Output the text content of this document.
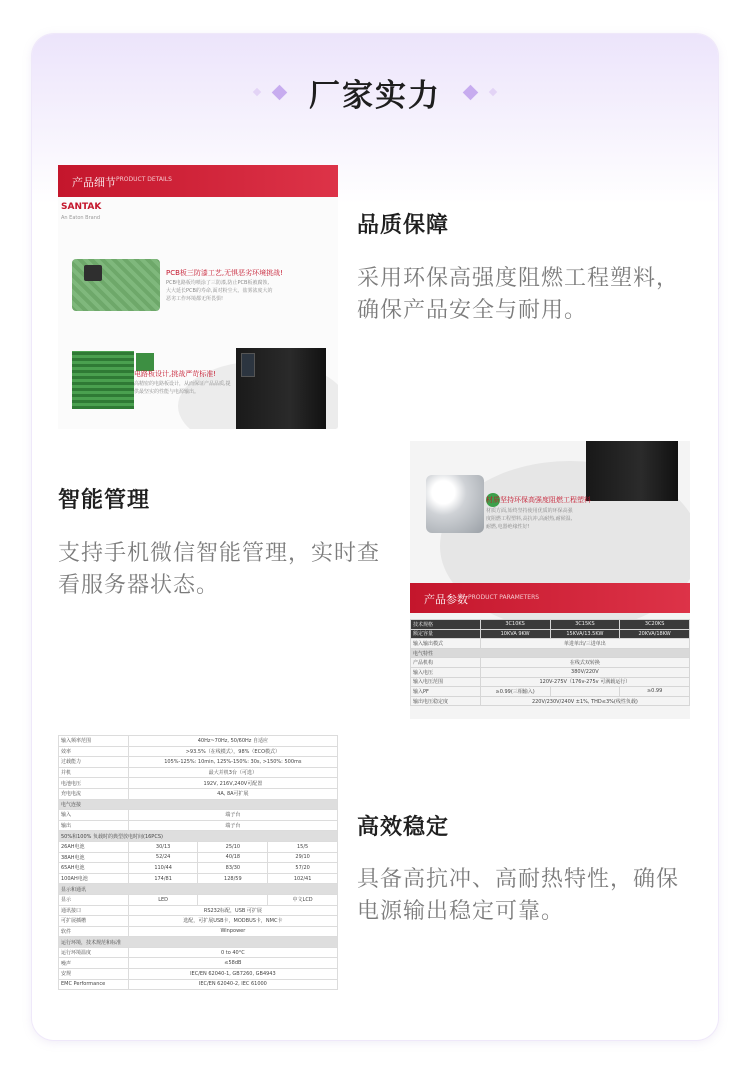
厂家实力
产品细节 PRODUCT DETAILS
SANTAK
An Eaton Brand
PCB板三防漆工艺,无惧恶劣环境挑战!
PCB电路板均喷涂了三防漆,防止PCB板被腐蚀,
大大延长PCB的寿命,面对粉尘大、盐雾浓度大的
恶劣工作环境都无所畏惧!
电路板设计,挑战严苛标准!
高精密的电路板设计，从而保证产品品质,提
供最坚实的性能与电源输出。
品质保障
采用环保高强度阻燃工程塑料，
确保产品安全与耐用。
材质坚持环保高强度阻燃工程塑料
材质方面,始终坚持使用优质的环保高强
度阻燃工程塑料,高抗冲,高耐热,耐候温,
耐燃,电器绝缘性好!
产品参数 PRODUCT PARAMETERS
技术规格	3C10KS	3C15KS	3C20KS
额定容量	10KVA 9KW	15KVA/13.5KW	20KVA/18KW
输入输出模式	单进单出/三进单出		
电气特性			
产品机构	在线式双转换		
输入电压	380V/220V		
输入电压范围	120V-275V（176v-275v 可满载运行）		
输入PF	≥0.99(三相输入)		≥0.99
输出电压稳定度	220V/230V/240V ±1%, THD≤3%(线性负载)		
智能管理
支持手机微信智能管理，实时查
看服务器状态。
输入频率范围	40Hz~70Hz, 50/60Hz 自适应		
效率	>93.5%（在线模式），98%（ECO模式）		
过载能力	105%-125%: 10min, 125%-150%: 30s, >150%: 500ms		
并机	最大并机3台（可选）		
电池电压	192V, 216V,240V可配置		
充电电流	4A, 8A可扩展		
电气连接			
输入	端子台		
输出	端子台		
50%和100% 负载时的典型放电时间(16PCS)			
26AH电池	30/13	25/10	15/5
38AH电池	52/24	40/18	29/10
65AH电池	110/44	83/30	57/20
100AH电池	174/81	128/59	102/41
显示和通讯			
显示	LED		中文LCD
通讯接口	RS232标配，USB 可扩展		
可扩展插槽	选配，可扩展USB卡，MODBUS卡，NMC卡		
软件	Winpower		
运行环境，技术规范和标准			
运行环境温度	0 to 40°C		
噪声	≤58dB		
安规	IEC/EN 62040-1, GB7260, GB4943		
EMC Performance	IEC/EN 62040-2, IEC 61000		
高效稳定
具备高抗冲、高耐热特性，确保
电源输出稳定可靠。
